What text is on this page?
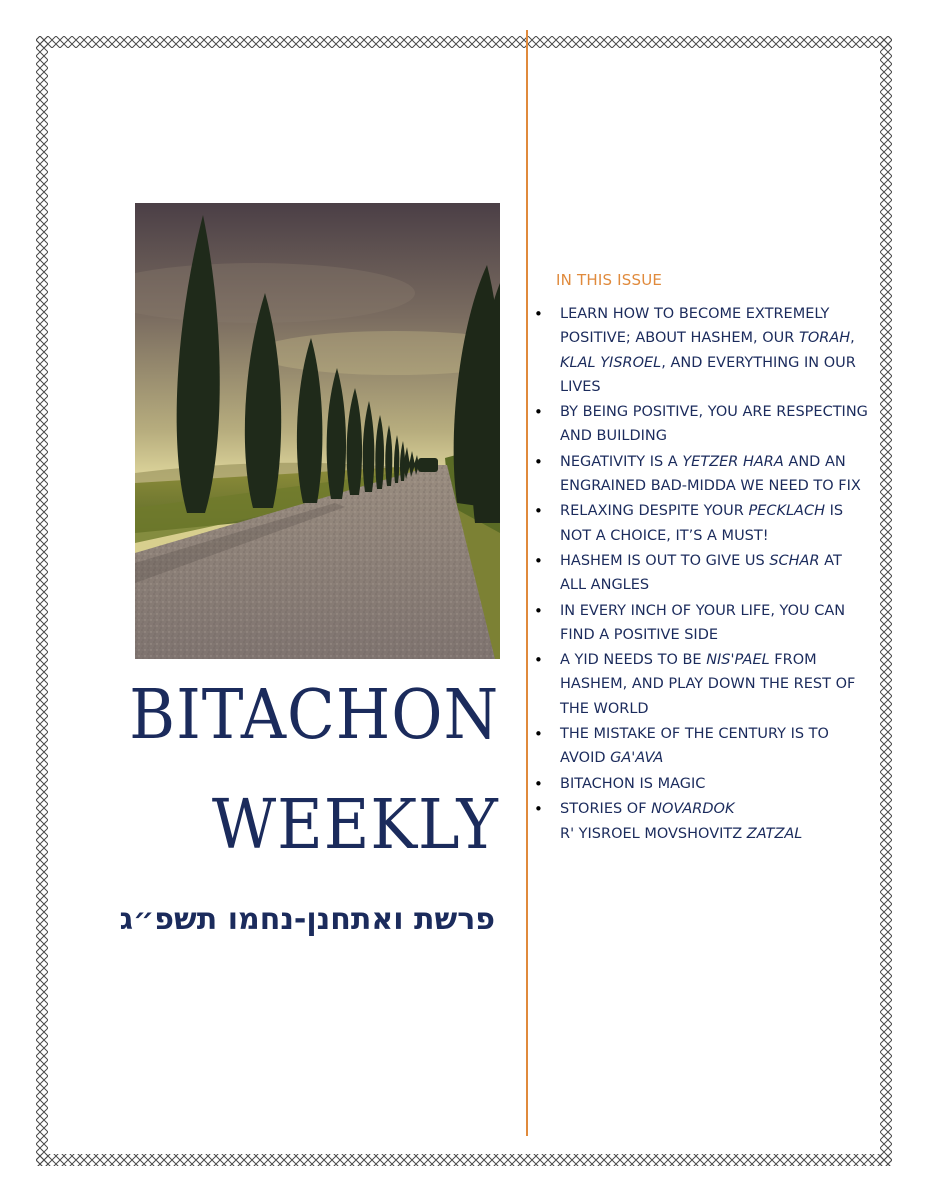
BITACHON
WEEKLY

פרשת ואתחנן-נחמו תשפ״ג

IN THIS ISSUE
• LEARN HOW TO BECOME EXTREMELY POSITIVE; ABOUT HASHEM, OUR TORAH, KLAL YISROEL, AND EVERYTHING IN OUR LIVES
• BY BEING POSITIVE, YOU ARE RESPECTING AND BUILDING
• NEGATIVITY IS A YETZER HARA AND AN ENGRAINED BAD-MIDDA WE NEED TO FIX
• RELAXING DESPITE YOUR PECKLACH IS NOT A CHOICE, IT’S A MUST!
• HASHEM IS OUT TO GIVE US SCHAR AT ALL ANGLES
• IN EVERY INCH OF YOUR LIFE, YOU CAN FIND A POSITIVE SIDE
• A YID NEEDS TO BE NIS'PAEL FROM HASHEM, AND PLAY DOWN THE REST OF THE WORLD
• THE MISTAKE OF THE CENTURY IS TO AVOID GA'AVA
• BITACHON IS MAGIC
• STORIES OF NOVARDOK
R' YISROEL MOVSHOVITZ ZATZAL
